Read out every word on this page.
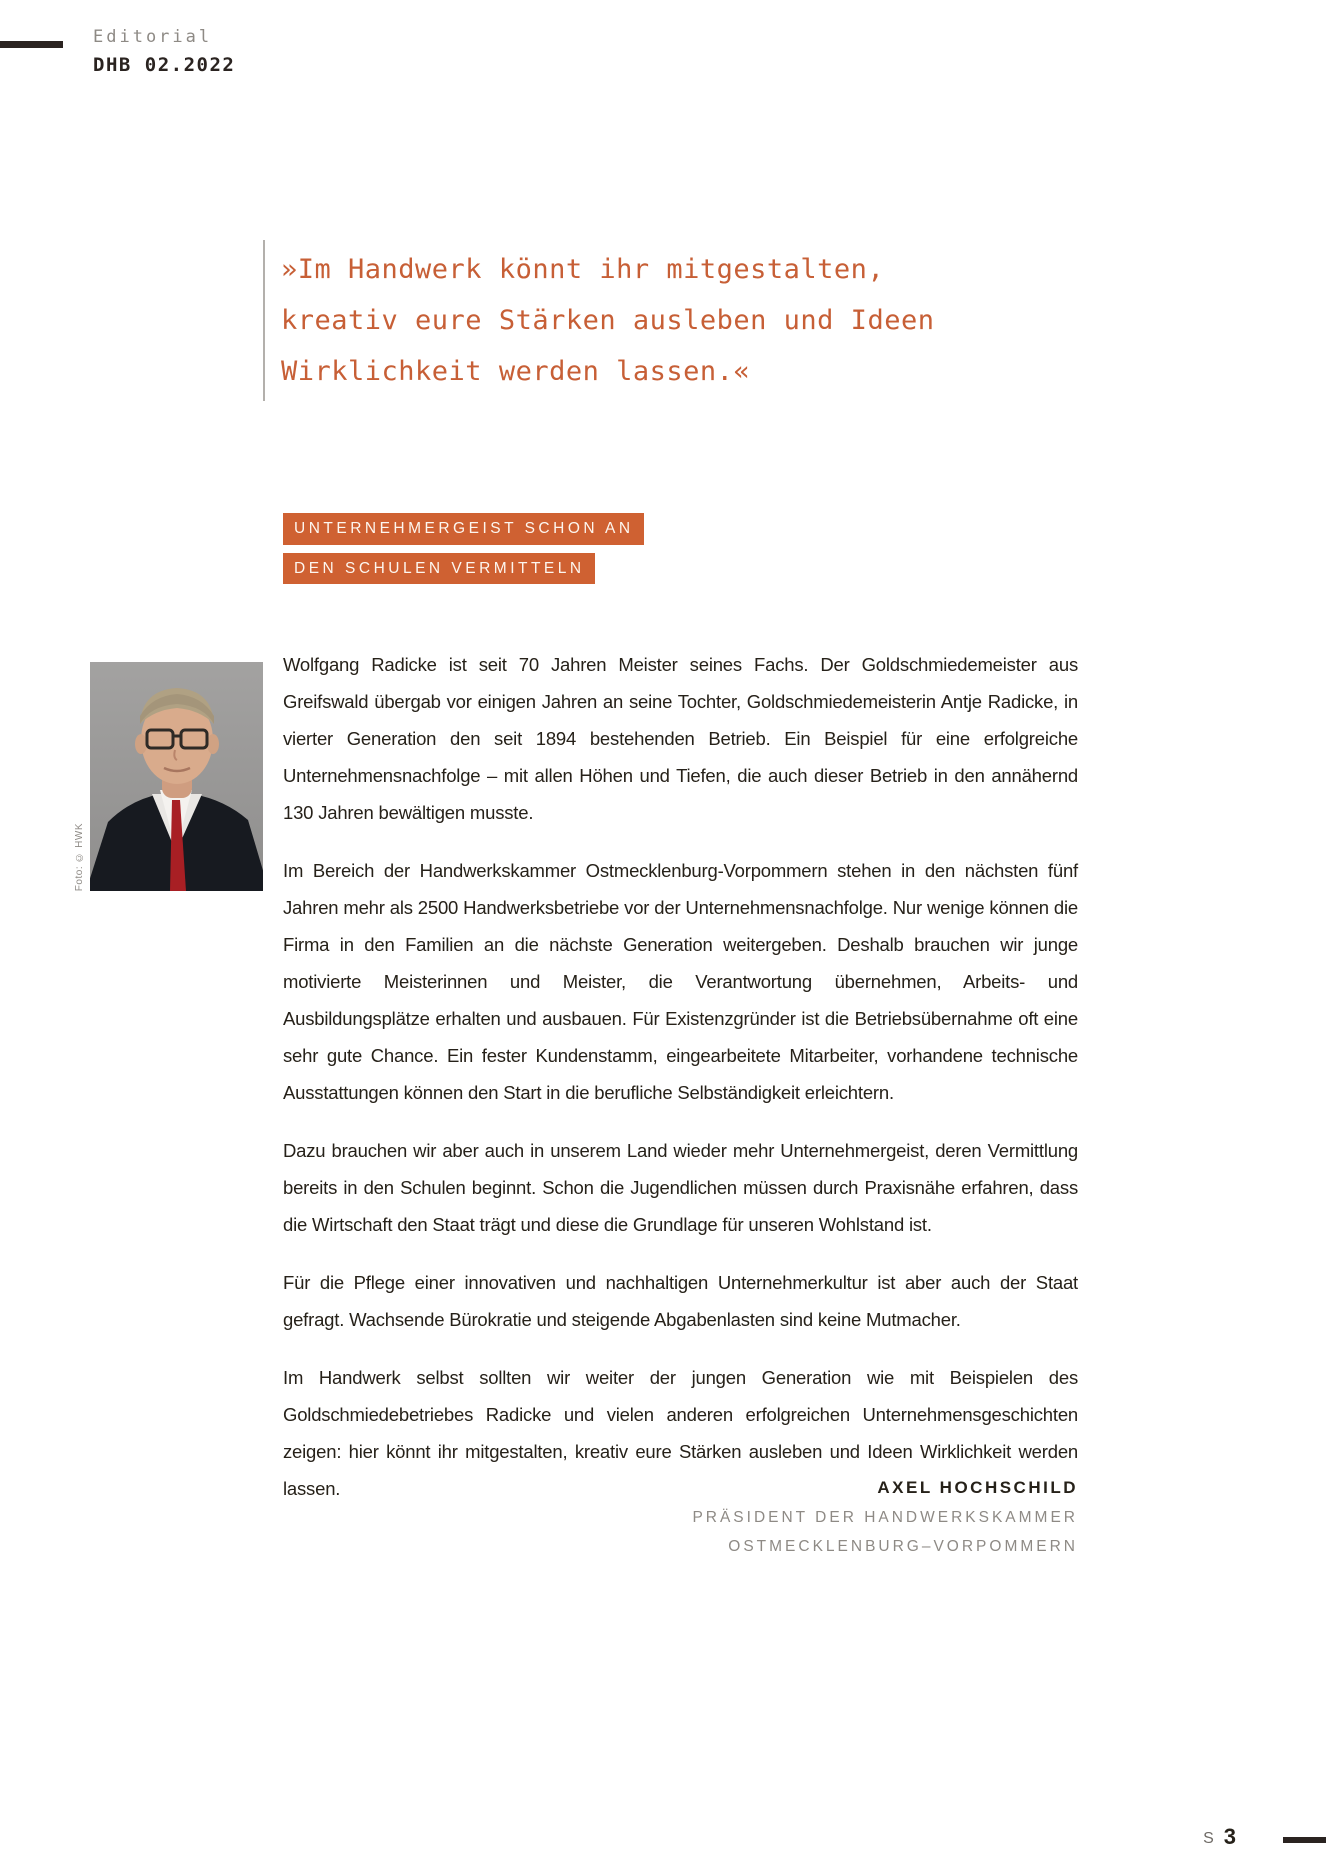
Editorial
DHB 02.2022
»Im Handwerk könnt ihr mitgestalten,
kreativ eure Stärken ausleben und Ideen
Wirklichkeit werden lassen.«
UNTERNEHMERGEIST SCHON AN
DEN SCHULEN VERMITTELN
Foto: © HWK

Wolfgang Radicke ist seit 70 Jahren Meister seines Fachs. Der Goldschmiedemeister aus Greifswald übergab vor einigen Jahren an seine Tochter, Goldschmiedemeisterin Antje Radicke, in vierter Generation den seit 1894 bestehenden Betrieb. Ein Beispiel für eine erfolgreiche Unternehmensnachfolge – mit allen Höhen und Tiefen, die auch dieser Betrieb in den annähernd 130 Jahren bewältigen musste.

Im Bereich der Handwerkskammer Ostmecklenburg-Vorpommern stehen in den nächsten fünf Jahren mehr als 2500 Handwerksbetriebe vor der Unternehmensnachfolge. Nur wenige können die Firma in den Familien an die nächste Generation weitergeben. Deshalb brauchen wir junge motivierte Meisterinnen und Meister, die Verantwortung übernehmen, Arbeits- und Ausbildungsplätze erhalten und ausbauen. Für Existenzgründer ist die Betriebsübernahme oft eine sehr gute Chance. Ein fester Kundenstamm, eingearbeitete Mitarbeiter, vorhandene technische Ausstattungen können den Start in die berufliche Selbständigkeit erleichtern.

Dazu brauchen wir aber auch in unserem Land wieder mehr Unternehmergeist, deren Vermittlung bereits in den Schulen beginnt. Schon die Jugendlichen müssen durch Praxisnähe erfahren, dass die Wirtschaft den Staat trägt und diese die Grundlage für unseren Wohlstand ist.

Für die Pflege einer innovativen und nachhaltigen Unternehmerkultur ist aber auch der Staat gefragt. Wachsende Bürokratie und steigende Abgabenlasten sind keine Mutmacher.

Im Handwerk selbst sollten wir weiter der jungen Generation wie mit Beispielen des Goldschmiedebetriebes Radicke und vielen anderen erfolgreichen Unternehmensgeschichten zeigen: hier könnt ihr mitgestalten, kreativ eure Stärken ausleben und Ideen Wirklichkeit werden lassen.	AXEL HOCHSCHILD
PRÄSIDENT DER HANDWERKSKAMMER
OSTMECKLENBURG–VORPOMMERN
S 3
